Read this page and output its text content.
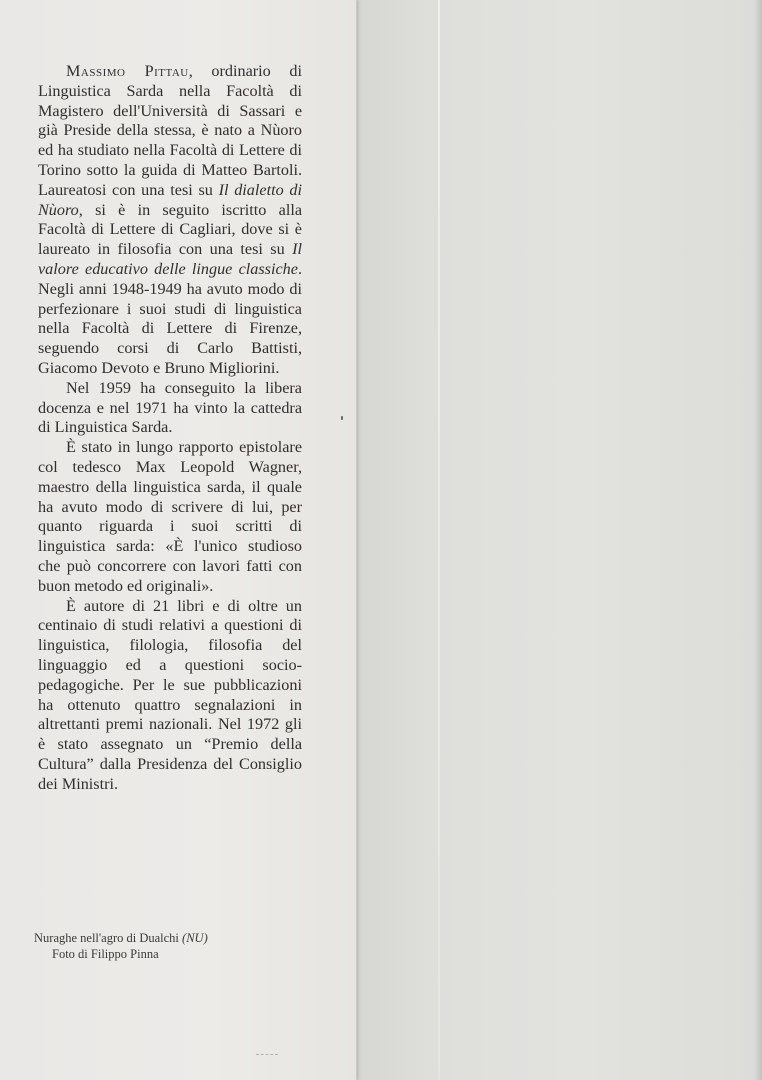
Massimo Pittau, ordinario di Linguistica Sarda nella Facoltà di Magistero dell'Università di Sassari e già Preside della stessa, è nato a Nùoro ed ha studiato nella Facoltà di Lettere di Torino sotto la guida di Matteo Bartoli. Laureatosi con una tesi su Il dialetto di Nùoro, si è in seguito iscritto alla Facoltà di Lettere di Cagliari, dove si è laureato in filosofia con una tesi su Il valore educativo delle lingue classiche. Negli anni 1948-1949 ha avuto modo di perfezionare i suoi studi di linguistica nella Facoltà di Lettere di Firenze, seguendo corsi di Carlo Battisti, Giacomo Devoto e Bruno Migliorini.

Nel 1959 ha conseguito la libera docenza e nel 1971 ha vinto la cattedra di Linguistica Sarda.

È stato in lungo rapporto epistolare col tedesco Max Leopold Wagner, maestro della linguistica sarda, il quale ha avuto modo di scrivere di lui, per quanto riguarda i suoi scritti di linguistica sarda: «È l'unico studioso che può concorrere con lavori fatti con buon metodo ed originali».

È autore di 21 libri e di oltre un centinaio di studi relativi a questioni di linguistica, filologia, filosofia del linguaggio ed a questioni socio-pedagogiche. Per le sue pubblicazioni ha ottenuto quattro segnalazioni in altrettanti premi nazionali. Nel 1972 gli è stato assegnato un “Premio della Cultura” dalla Presidenza del Consiglio dei Ministri.

Nuraghe nell'agro di Dualchi (NU)
Foto di Filippo Pinna
